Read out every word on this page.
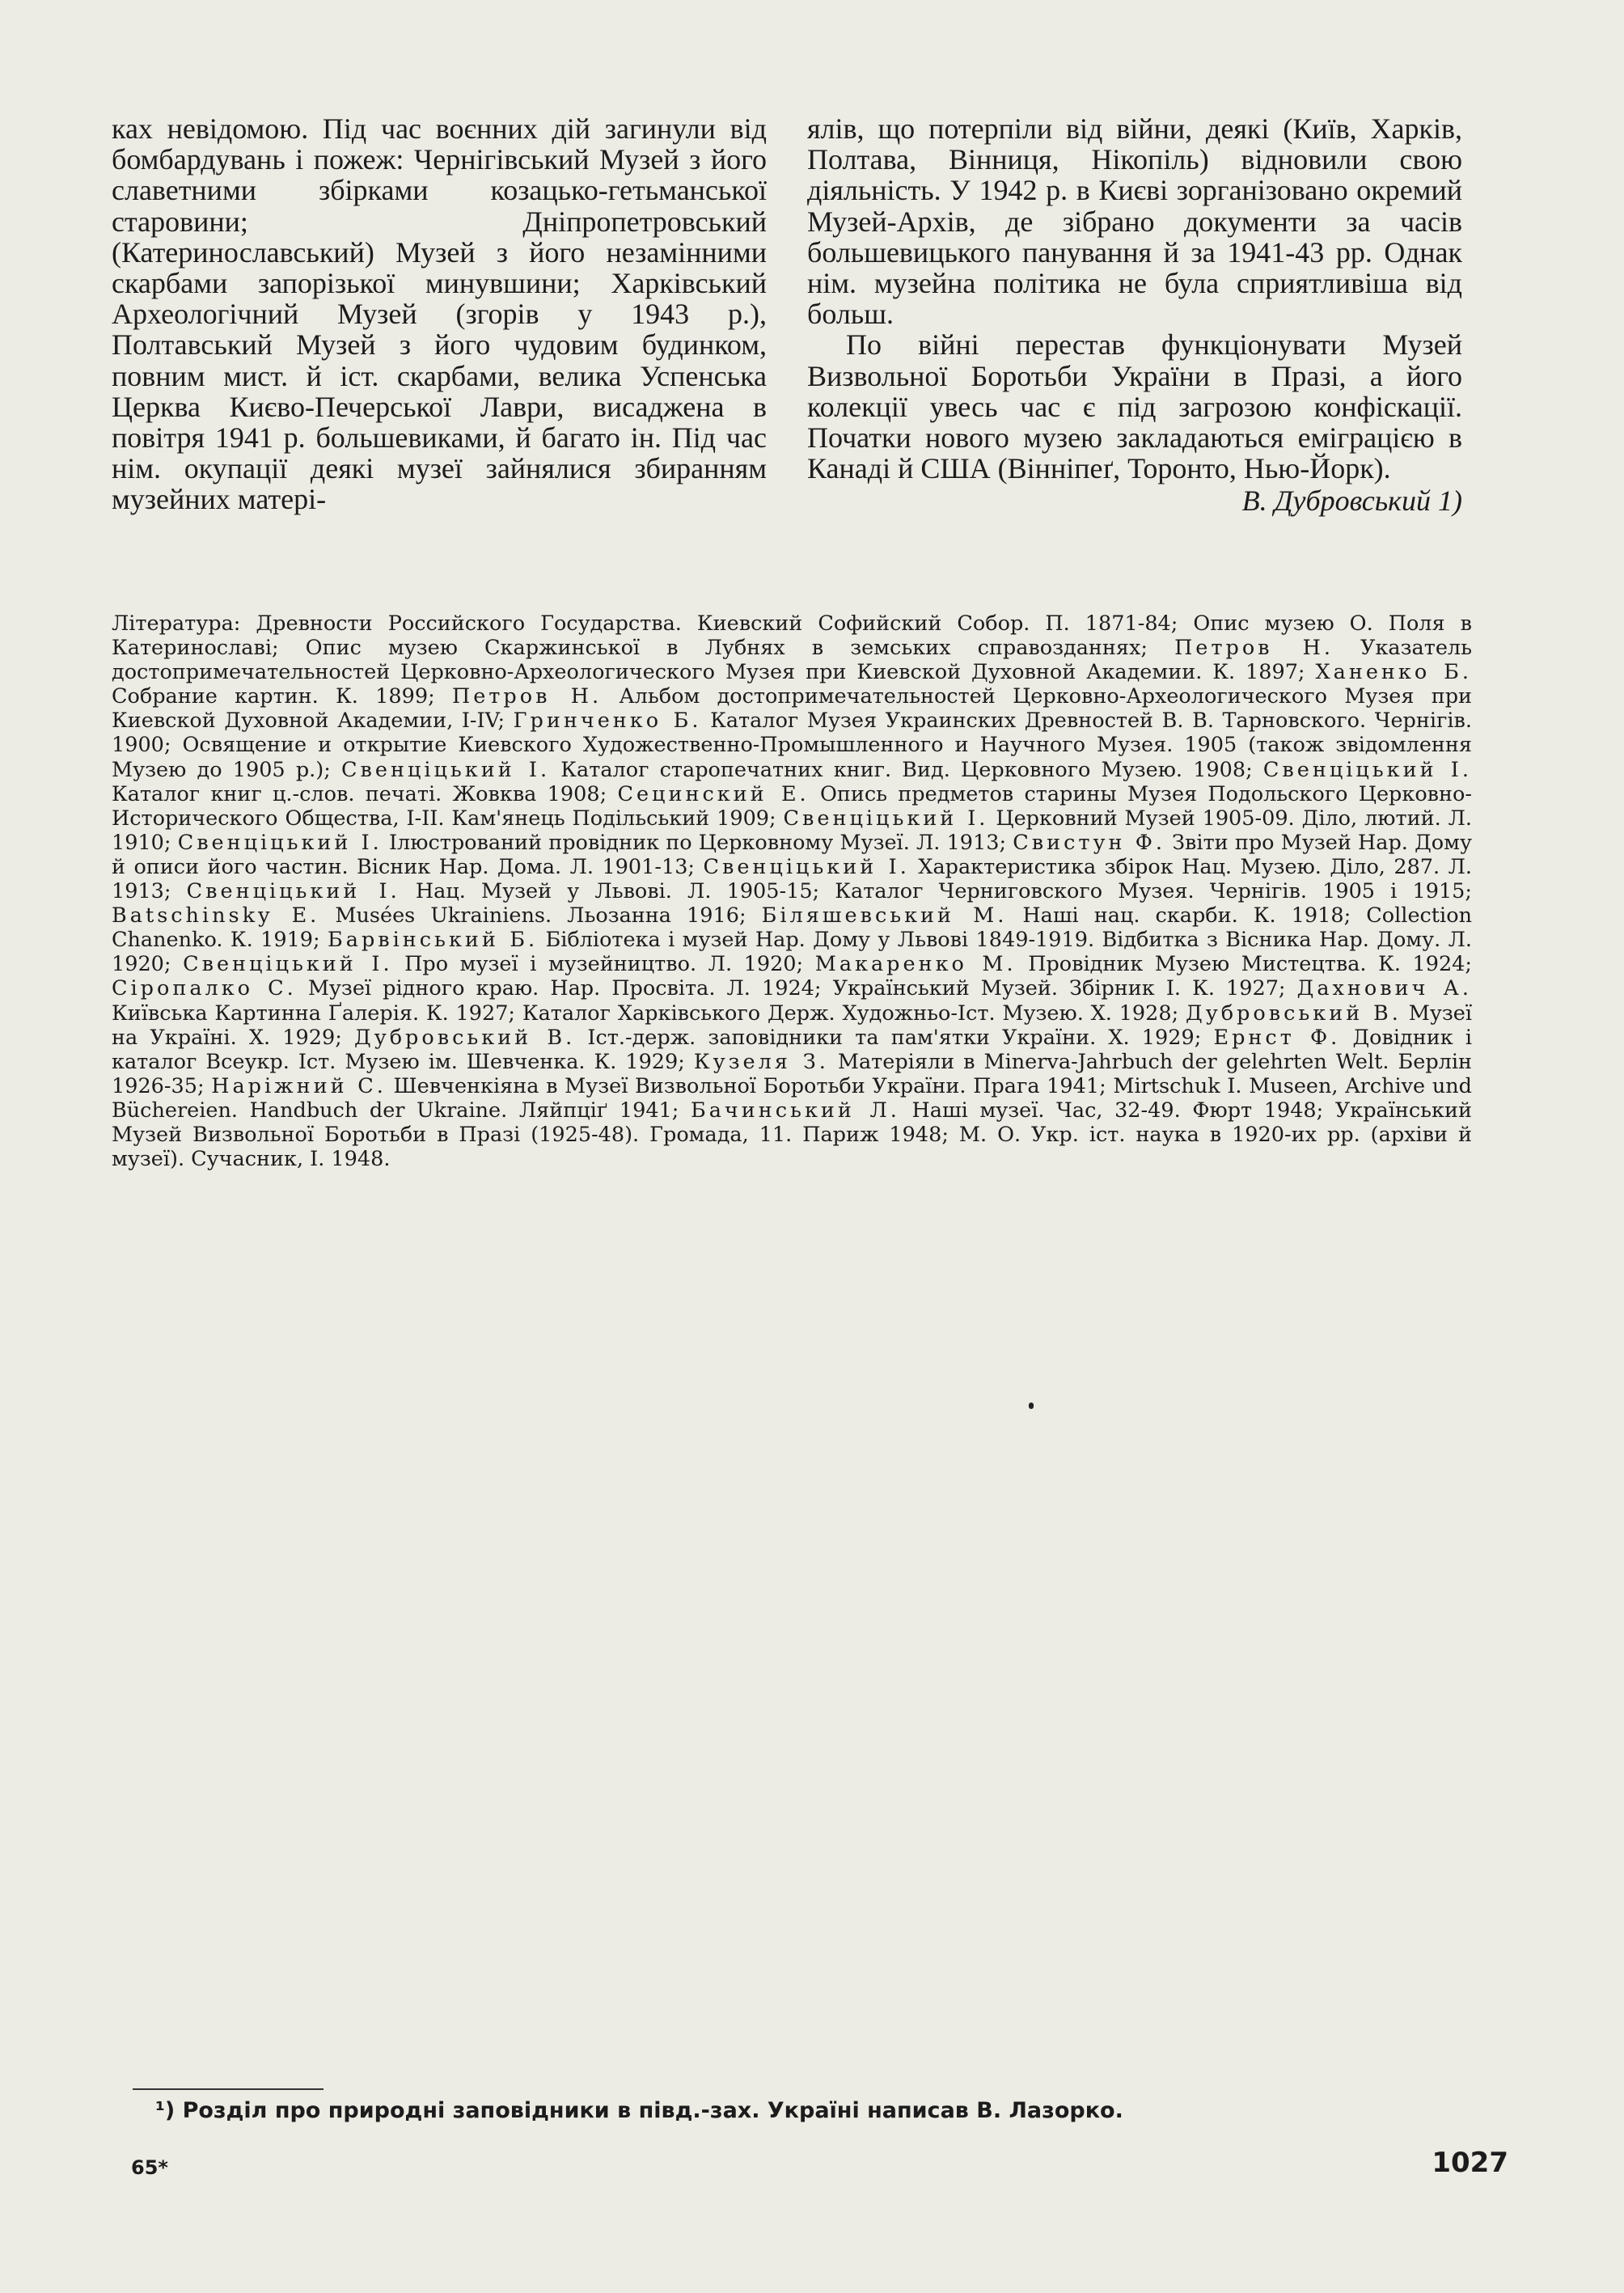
ках невідомою. Під час воєнних дій загинули від бомбардувань і пожеж: Чернігівський Музей з його славетними збірками козацько-гетьманської старовини; Дніпропетровський (Катеринославський) Музей з його незамінними скарбами запорізької минувшини; Харківський Археологічний Музей (згорів у 1943 р.), Полтавський Музей з його чудовим будинком, повним мист. й іст. скарбами, велика Успенська Церква Києво-Печерської Лаври, висаджена в повітря 1941 р. большевиками, й багато ін. Під час нім. окупації деякі музеї зайнялися збиранням музейних матері-

ялів, що потерпіли від війни, деякі (Київ, Харків, Полтава, Вінниця, Нікопіль) відновили свою діяльність. У 1942 р. в Києві зорганізовано окремий Музей-Архів, де зібрано документи за часів большевицького панування й за 1941-43 рр. Однак нім. музейна політика не була сприятливіша від больш.

По війні перестав функціонувати Музей Визвольної Боротьби України в Празі, а його колекції увесь час є під загрозою конфіскації. Початки нового музею закладаються еміграцією в Канаді й США (Вінніпеґ, Торонто, Нью-Йорк).

В. Дубровський 1)
Література: Древности Российского Государства. Киевский Софийский Собор. П. 1871-84; Опис музею О. Поля в Катеринославі; Опис музею Скаржинської в Лубнях в земських справозданнях; Петров Н. Указатель достопримечательностей Церковно-Археологического Музея при Киевской Духовной Академии. К. 1897; Ханенко Б. Собрание картин. К. 1899; Петров Н. Альбом достопримечательностей Церковно-Археологического Музея при Киевской Духовной Академии, I-IV; Гринченко Б. Каталог Музея Украинских Древностей В. В. Тарновского. Чернігів. 1900; Освящение и открытие Киевского Художественно-Промышленного и Научного Музея. 1905 (також звідомлення Музею до 1905 р.); Свенціцький І. Каталог старопечатних книг. Вид. Церковного Музею. 1908; Свенціцький І. Каталог книг ц.-слов. печаті. Жовква 1908; Сецинский Е. Опись предметов старины Музея Подольского Церковно-Исторического Общества, I-II. Кам'янець Подільський 1909; Свенціцький І. Церковний Музей 1905-09. Діло, лютий. Л. 1910; Свенціцький І. Ілюстрований провідник по Церковному Музеї. Л. 1913; Свистун Ф. Звіти про Музей Нар. Дому й описи його частин. Вісник Нар. Дома. Л. 1901-13; Свенціцький І. Характеристика збірок Нац. Музею. Діло, 287. Л. 1913; Свенціцький І. Нац. Музей у Львові. Л. 1905-15; Каталог Черниговского Музея. Чернігів. 1905 і 1915; Batschinsky E. Musées Ukrainiens. Льозанна 1916; Біляшевський М. Наші нац. скарби. К. 1918; Collection Chanenko. К. 1919; Барвінський Б. Бібліотека і музей Нар. Дому у Львові 1849-1919. Відбитка з Вісника Нар. Дому. Л. 1920; Свенціцький І. Про музеї і музейництво. Л. 1920; Макаренко М. Провідник Музею Мистецтва. К. 1924; Сіропалко С. Музеї рідного краю. Нар. Просвіта. Л. 1924; Український Музей. Збірник І. К. 1927; Дахнович А. Київська Картинна Ґалерія. К. 1927; Каталог Харківського Держ. Художньо-Іст. Музею. Х. 1928; Дубровський В. Музеї на Україні. Х. 1929; Дубровський В. Іст.-держ. заповідники та пам'ятки України. Х. 1929; Ернст Ф. Довідник і каталог Всеукр. Іст. Музею ім. Шевченка. К. 1929; Кузеля З. Матеріяли в Minerva-Jahrbuch der gelehrten Welt. Берлін 1926-35; Наріжний С. Шевченкіяна в Музеї Визвольної Боротьби України. Прага 1941; Mirtschuk I. Museen, Archive und Büchereien. Handbuch der Ukraine. Ляйпціґ 1941; Бачинський Л. Наші музеї. Час, 32-49. Фюрт 1948; Український Музей Визвольної Боротьби в Празі (1925-48). Громада, 11. Париж 1948; М. О. Укр. іст. наука в 1920-их рр. (архіви й музеї). Сучасник, І. 1948.
¹) Розділ про природні заповідники в півд.-зах. Україні написав В. Лазорко.
65*	1027
